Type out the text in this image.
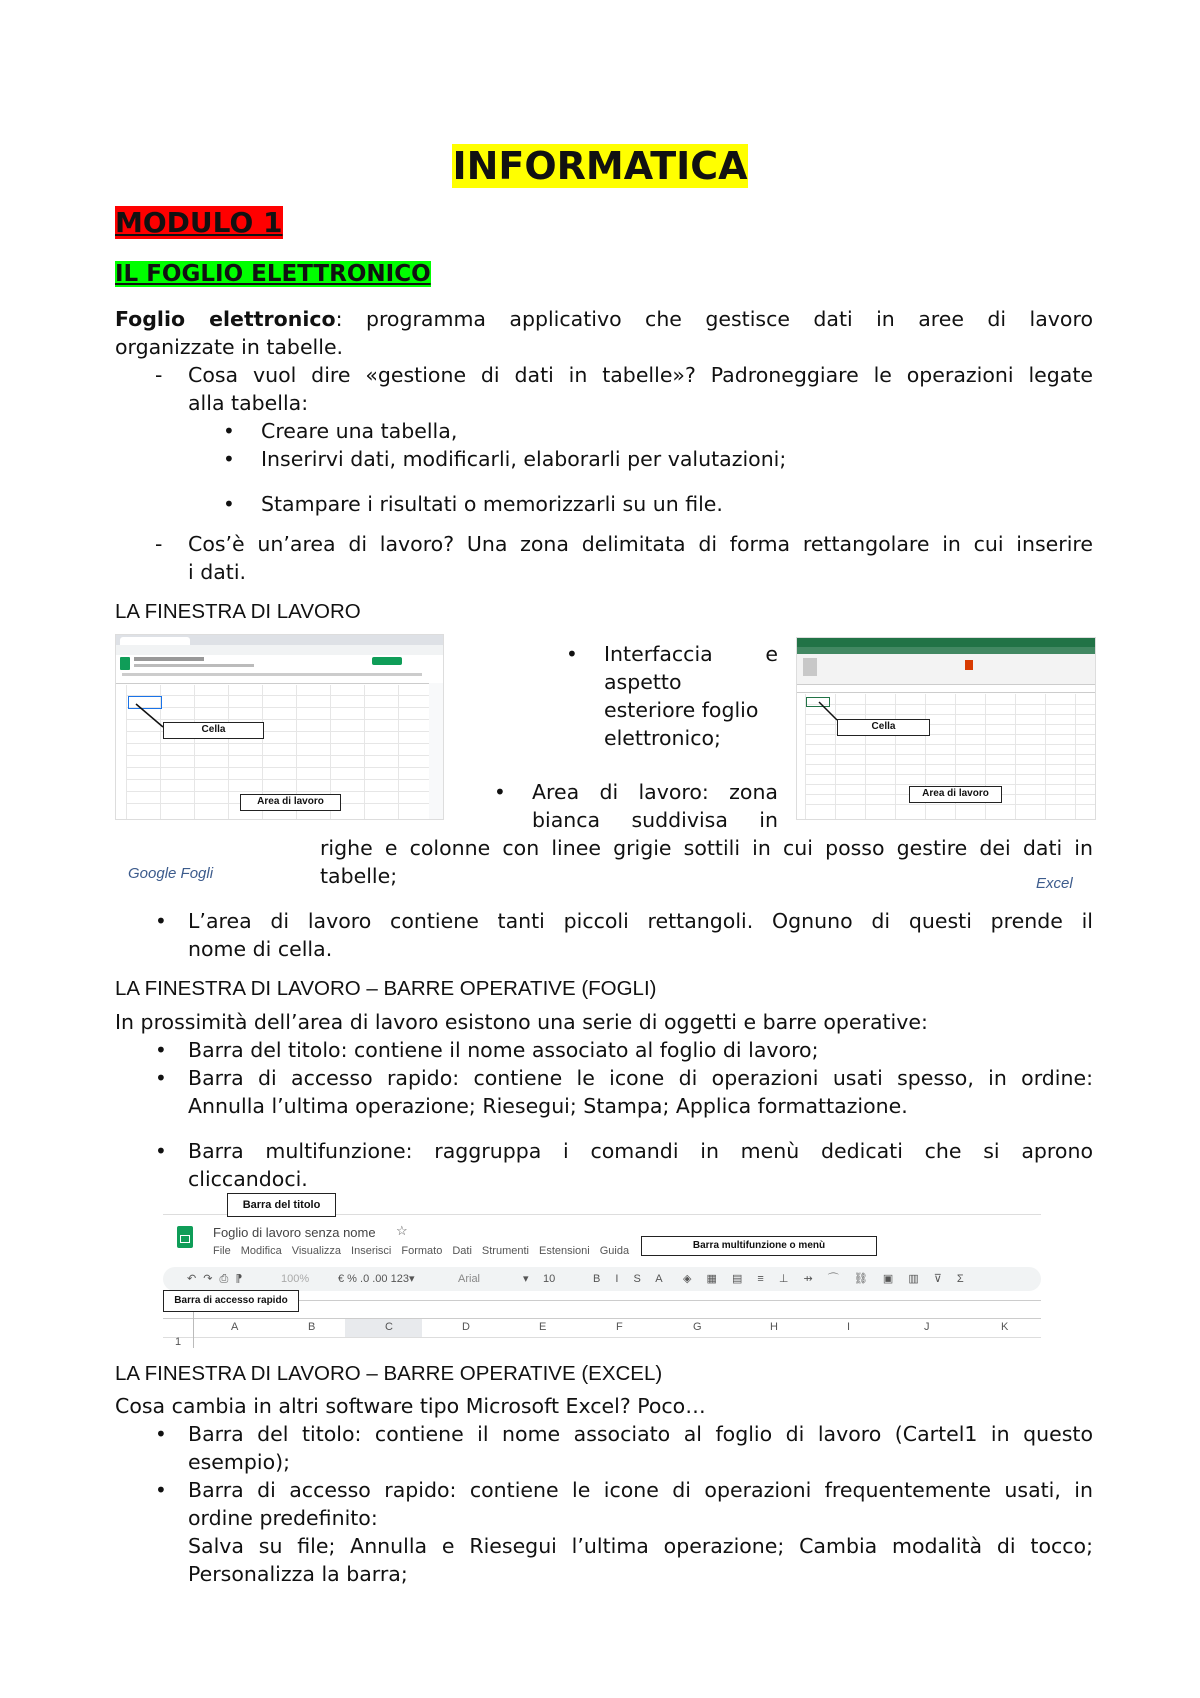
INFORMATICA
MODULO 1
IL FOGLIO ELETTRONICO
Foglio elettronico: programma applicativo che gestisce dati in aree di lavoro
organizzate in tabelle.
- Cosa vuol dire «gestione di dati in tabelle»? Padroneggiare le operazioni legate
alla tabella:
• Creare una tabella,
• Inserirvi dati, modificarli, elaborarli per valutazioni;
• Stampare i risultati o memorizzarli su un file.
- Cos’è un’area di lavoro? Una zona delimitata di forma rettangolare in cui inserire
i dati.
LA FINESTRA DI LAVORO
Cella
Area di lavoro
Google Fogli
Cella
Area di lavoro
Excel
• Interfaccia e
aspetto
esteriore foglio
elettronico;
• Area di lavoro: zona
bianca suddivisa in
righe e colonne con linee grigie sottili in cui posso gestire dei dati in
tabelle;
• L’area di lavoro contiene tanti piccoli rettangoli. Ognuno di questi prende il
nome di cella.
LA FINESTRA DI LAVORO – BARRE OPERATIVE (FOGLI)
In prossimità dell’area di lavoro esistono una serie di oggetti e barre operative:
• Barra del titolo: contiene il nome associato al foglio di lavoro;
• Barra di accesso rapido: contiene le icone di operazioni usati spesso, in ordine:
Annulla l’ultima operazione; Riesegui; Stampa; Applica formattazione.
• Barra multifunzione: raggruppa i comandi in menù dedicati che si aprono
cliccandoci.
Foglio di lavoro senza nome ☆
File Modifica Visualizza Inserisci Formato Dati Strumenti Estensioni Guida
↶ ↷ ⎙ ⁋	100%	€ % .0 .00 123▾	Arial	▾ 10	B I S A ◈ ▦ ▤ ≡ ⊥ ⇸ ⌒ ⛓ ▣ ▥ ⊽ Σ
A	B	C	D	E	F	G	H	I	J	K
1
Barra del titolo
Barra multifunzione o menù
Barra di accesso rapido
LA FINESTRA DI LAVORO – BARRE OPERATIVE (EXCEL)
Cosa cambia in altri software tipo Microsoft Excel? Poco…
• Barra del titolo: contiene il nome associato al foglio di lavoro (Cartel1 in questo
esempio);
• Barra di accesso rapido: contiene le icone di operazioni frequentemente usati, in
ordine predefinito:
Salva su file; Annulla e Riesegui l’ultima operazione; Cambia modalità di tocco;
Personalizza la barra;
